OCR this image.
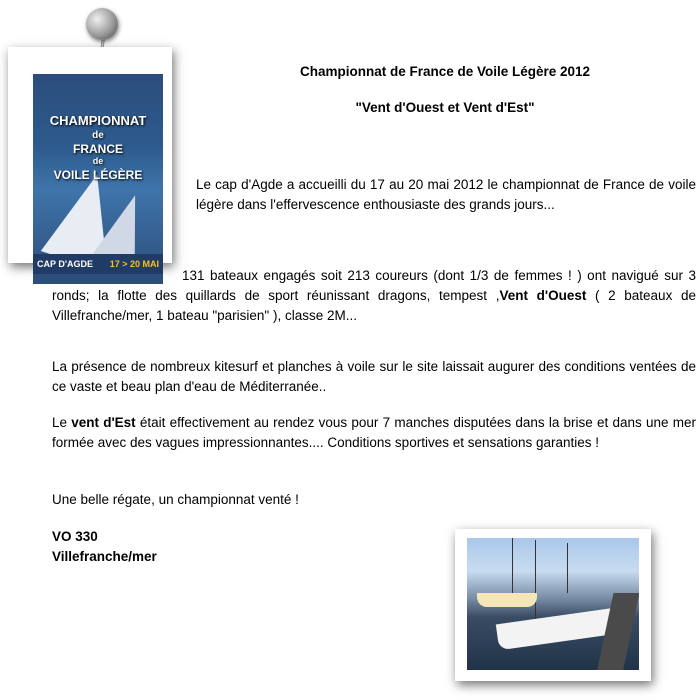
CHAMPIONNAT
de
FRANCE
de
VOILE LÉGÈRE
CAP D'AGDE 17 > 20 MAI
Championnat de France de Voile Légère 2012
"Vent d'Ouest et Vent d'Est"

Le cap d'Agde a accueilli du 17 au 20 mai 2012 le championnat de France de voile légère dans l'effervescence enthousiaste des grands jours...

131 bateaux engagés soit 213 coureurs (dont 1/3 de femmes ! ) ont navigué sur 3 ronds; la flotte des quillards de sport réunissant dragons, tempest ,Vent d'Ouest ( 2 bateaux de Villefranche/mer, 1 bateau "parisien" ), classe 2M...

La présence de nombreux kitesurf et planches à voile sur le site laissait augurer des conditions ventées de ce vaste et beau plan d'eau de Méditerranée..

Le vent d'Est était effectivement au rendez vous pour 7 manches disputées dans la brise et dans une mer formée avec des vagues impressionnantes.... Conditions sportives et sensations garanties !

Une belle régate, un championnat venté !

VO 330
Villefranche/mer
